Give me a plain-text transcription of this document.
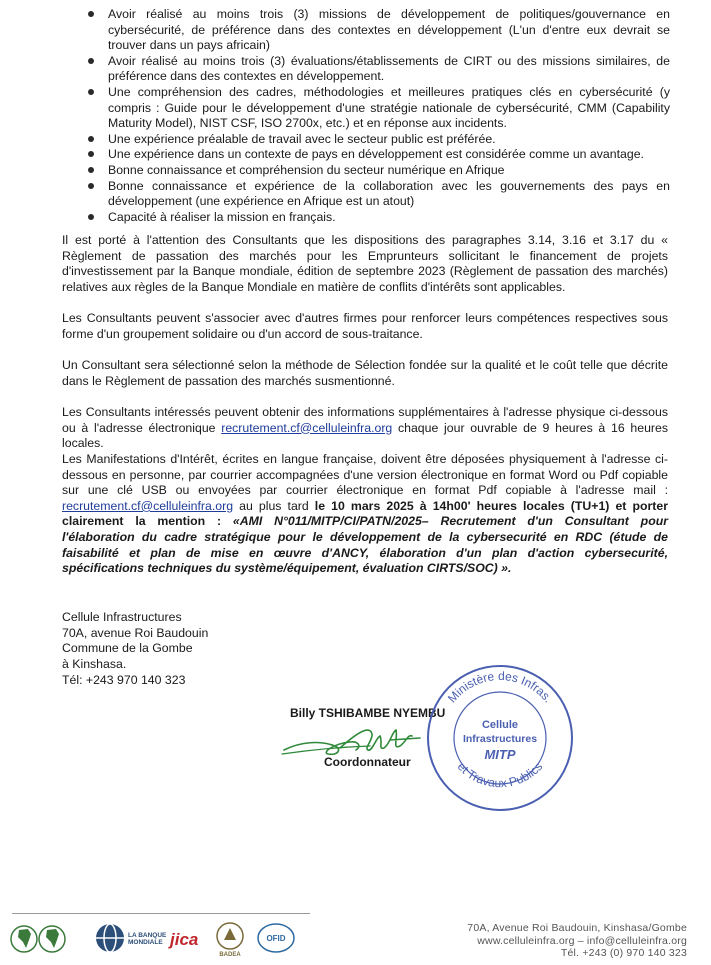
Avoir réalisé au moins trois (3) missions de développement de politiques/gouvernance en cybersécurité, de préférence dans des contextes en développement (L'un d'entre eux devrait se trouver dans un pays africain)
Avoir réalisé au moins trois (3) évaluations/établissements de CIRT ou des missions similaires, de préférence dans des contextes en développement.
Une compréhension des cadres, méthodologies et meilleures pratiques clés en cybersécurité (y compris : Guide pour le développement d'une stratégie nationale de cybersécurité, CMM (Capability Maturity Model), NIST CSF, ISO 2700x, etc.) et en réponse aux incidents.
Une expérience préalable de travail avec le secteur public est préférée.
Une expérience dans un contexte de pays en développement est considérée comme un avantage.
Bonne connaissance et compréhension du secteur numérique en Afrique
Bonne connaissance et expérience de la collaboration avec les gouvernements des pays en développement (une expérience en Afrique est un atout)
Capacité à réaliser la mission en français.

Il est porté à l'attention des Consultants que les dispositions des paragraphes 3.14, 3.16 et 3.17 du « Règlement de passation des marchés pour les Emprunteurs sollicitant le financement de projets d'investissement par la Banque mondiale, édition de septembre 2023 (Règlement de passation des marchés) relatives aux règles de la Banque Mondiale en matière de conflits d'intérêts sont applicables.

Les Consultants peuvent s'associer avec d'autres firmes pour renforcer leurs compétences respectives sous forme d'un groupement solidaire ou d'un accord de sous-traitance.

Un Consultant sera sélectionné selon la méthode de Sélection fondée sur la qualité et le coût telle que décrite dans le Règlement de passation des marchés susmentionné.

Les Consultants intéressés peuvent obtenir des informations supplémentaires à l'adresse physique ci-dessous ou à l'adresse électronique recrutement.cf@celluleinfra.org chaque jour ouvrable de 9 heures à 16 heures locales.

Les Manifestations d'Intérêt, écrites en langue française, doivent être déposées physiquement à l'adresse ci-dessous en personne, par courrier accompagnées d'une version électronique en format Word ou Pdf copiable sur une clé USB ou envoyées par courrier électronique en format Pdf copiable à l'adresse mail : recrutement.cf@celluleinfra.org au plus tard le 10 mars 2025 à 14h00' heures locales (TU+1) et porter clairement la mention : «AMI N°011/MITP/CI/PATN/2025– Recrutement d'un Consultant pour l'élaboration du cadre stratégique pour le développement de la cybersecurité en RDC (étude de faisabilité et plan de mise en œuvre d'ANCY, élaboration d'un plan d'action cybersecurité, spécifications techniques du système/équipement, évaluation CIRTS/SOC) ».

Cellule Infrastructures
70A, avenue Roi Baudouin
Commune de la Gombe
à Kinshasa.
Tél: +243 970 140 323
Billy TSHIBAMBE NYEMBU
Coordonnateur
Ministère des Infras.
et Travaux Publics
Cellule
Infrastructures
MITP
LA BANQUE
MONDIALE jica
BADEA
OFID
70A, Avenue Roi Baudouin, Kinshasa/Gombe
www.celluleinfra.org – info@celluleinfra.org
Tél. +243 (0) 970 140 323
